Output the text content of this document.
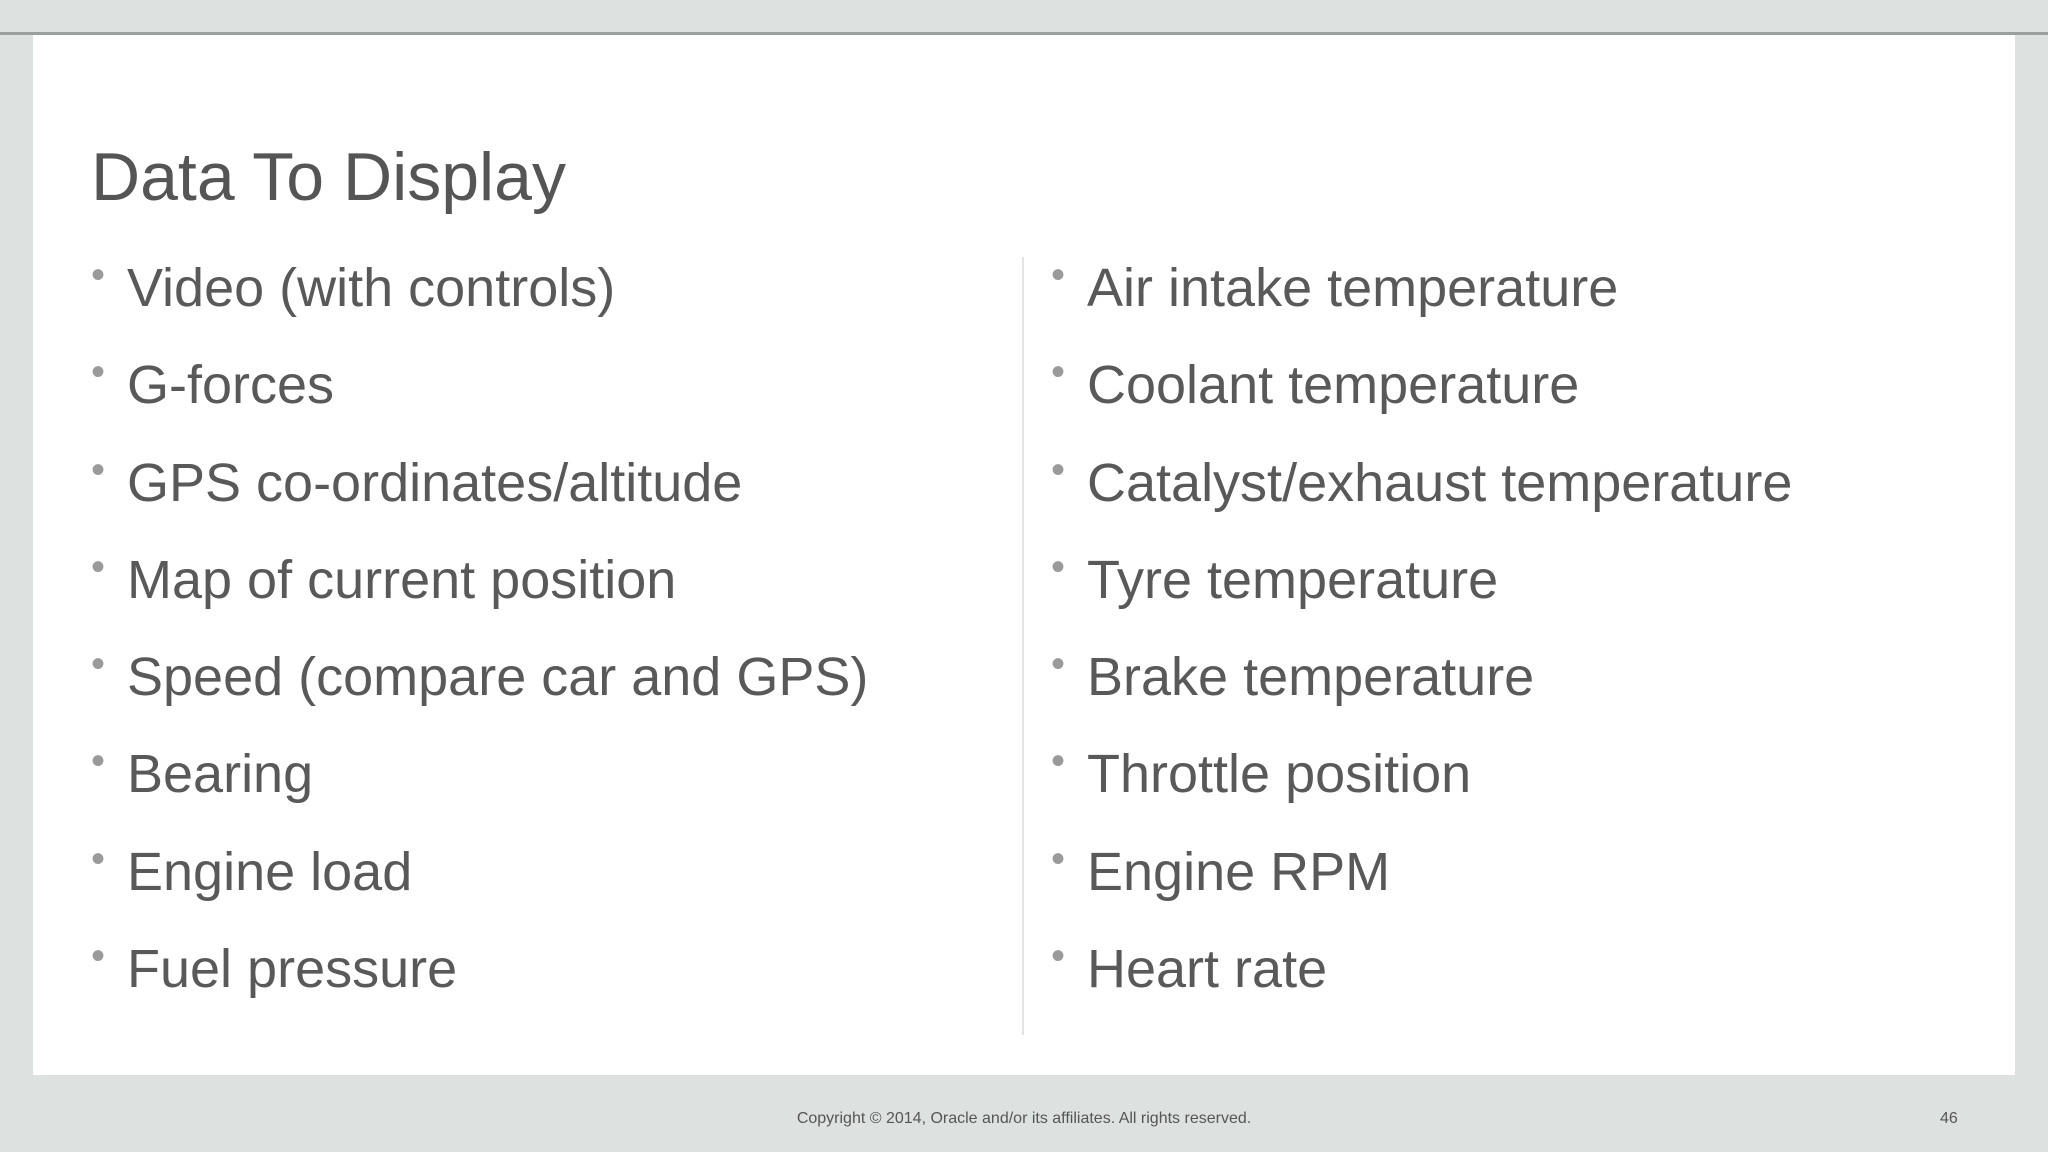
Data To Display
• Video (with controls)
• G-forces
• GPS co-ordinates/altitude
• Map of current position
• Speed (compare car and GPS)
• Bearing
• Engine load
• Fuel pressure
• Air intake temperature
• Coolant temperature
• Catalyst/exhaust temperature
• Tyre temperature
• Brake temperature
• Throttle position
• Engine RPM
• Heart rate
Copyright © 2014, Oracle and/or its affiliates. All rights reserved.	46
